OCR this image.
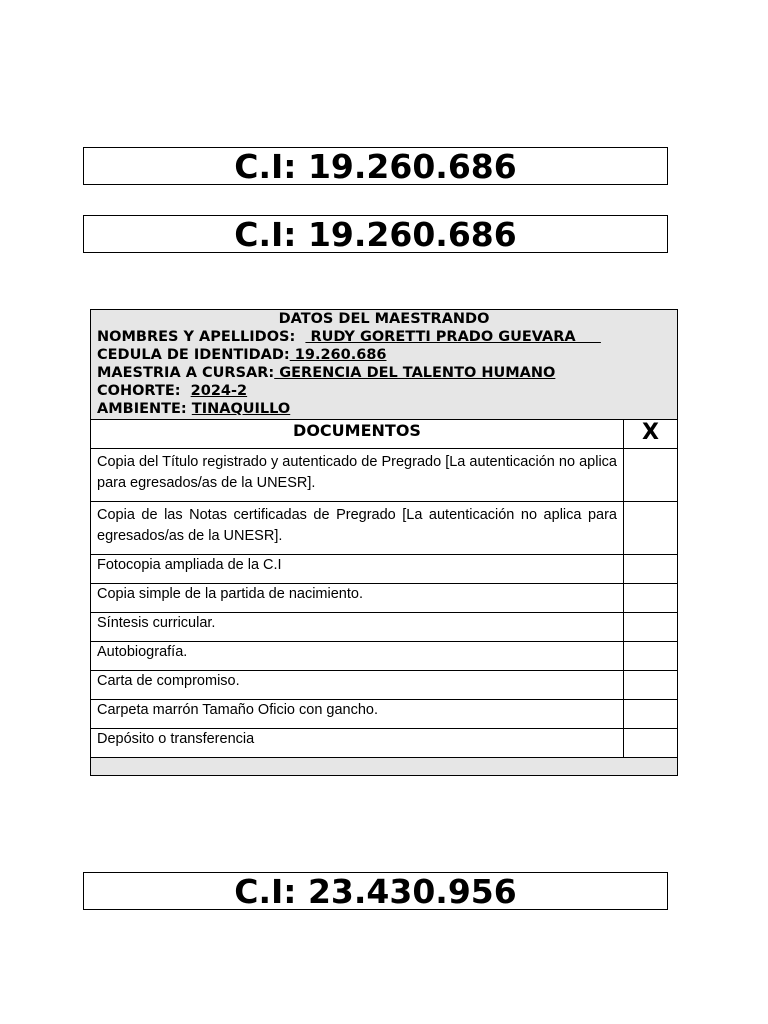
C.I: 19.260.686
C.I: 19.260.686
DATOS DEL MAESTRANDO
NOMBRES Y APELLIDOS:   RUDY GORETTI PRADO GUEVARA
CEDULA DE IDENTIDAD: 19.260.686
MAESTRIA A CURSAR: GERENCIA DEL TALENTO HUMANO
COHORTE: 2024-2
AMBIENTE: TINAQUILLO
DOCUMENTOS	X
Copia del Título registrado y autenticado de Pregrado [La autenticación no aplica para egresados/as de la UNESR].
Copia de las Notas certificadas de Pregrado [La autenticación no aplica para egresados/as de la UNESR].
Fotocopia ampliada de la C.I
Copia simple de la partida de nacimiento.
Síntesis curricular.
Autobiografía.
Carta de compromiso.
Carpeta marrón Tamaño Oficio con gancho.
Depósito o transferencia
C.I: 23.430.956
